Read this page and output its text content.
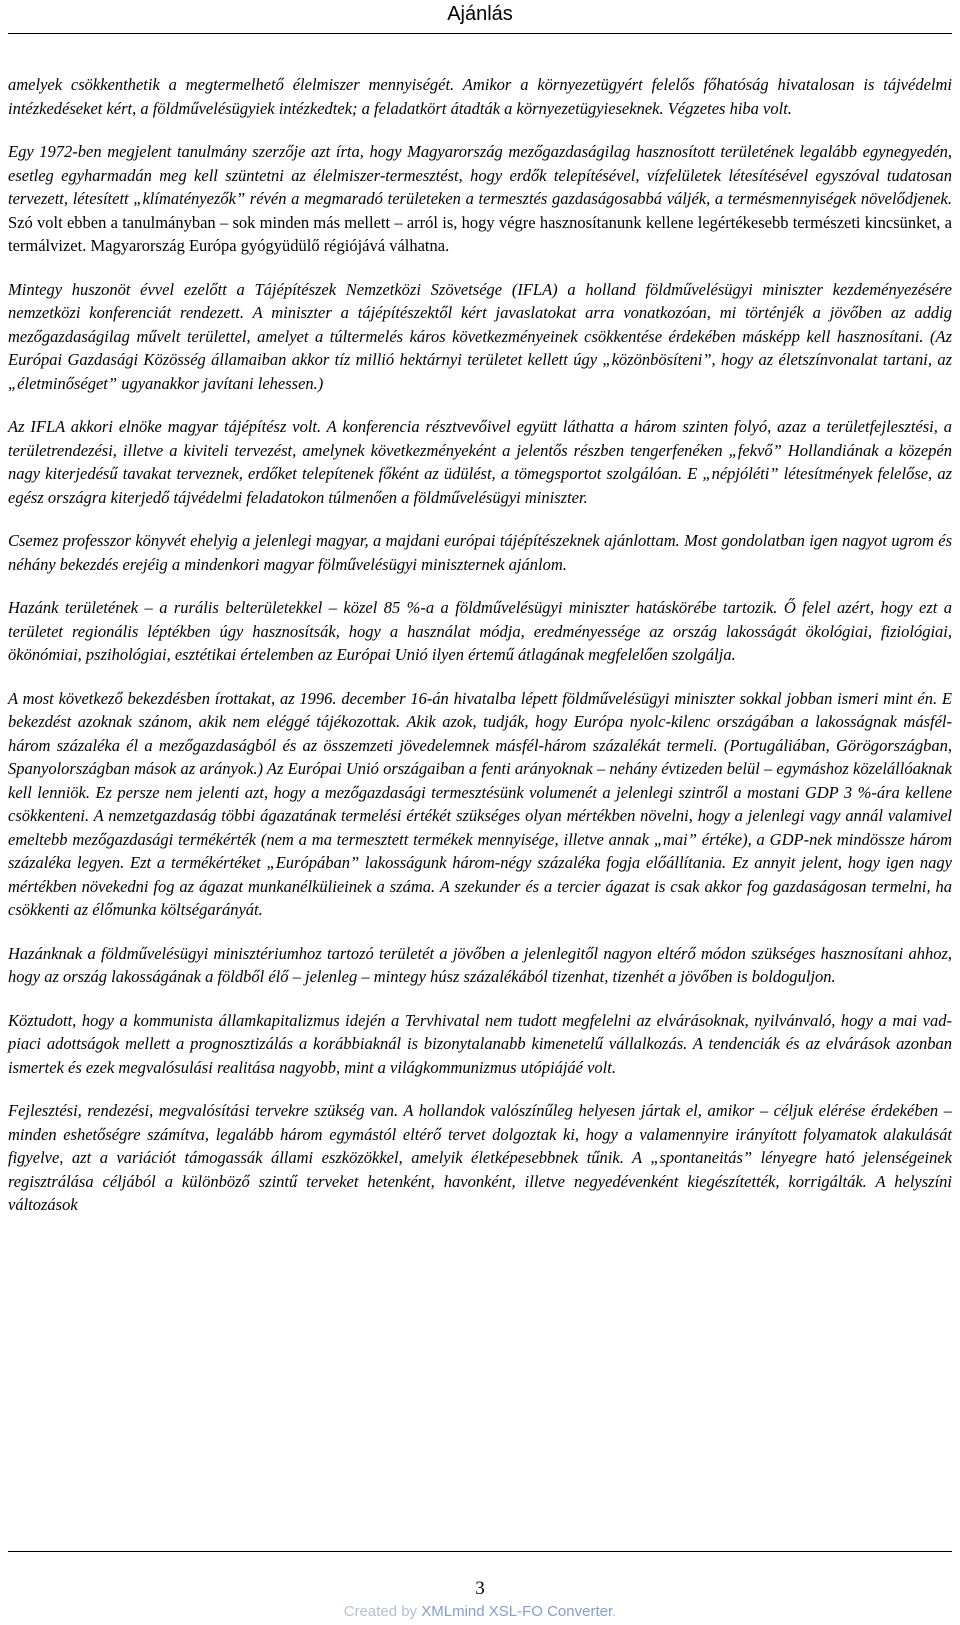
Ajánlás

amelyek csökkenthetik a megtermelhető élelmiszer mennyiségét. Amikor a környezetügyért felelős főhatóság hivatalosan is tájvédelmi intézkedéseket kért, a földművelésügyiek intézkedtek; a feladatkört átadták a környezetügyieseknek. Végzetes hiba volt.

Egy 1972-ben megjelent tanulmány szerzője azt írta, hogy Magyarország mezőgazdaságilag hasznosított területének legalább egynegyedén, esetleg egyharmadán meg kell szüntetni az élelmiszer-termesztést, hogy erdők telepítésével, vízfelületek létesítésével egyszóval tudatosan tervezett, létesített „klímatényezők” révén a megmaradó területeken a termesztés gazdaságosabbá váljék, a termésmennyiségek növelődjenek. Szó volt ebben a tanulmányban – sok minden más mellett – arról is, hogy végre hasznosítanunk kellene legértékesebb természeti kincsünket, a termálvizet. Magyarország Európa gyógyüdülő régiójává válhatna.

Mintegy huszonöt évvel ezelőtt a Tájépítészek Nemzetközi Szövetsége (IFLA) a holland földművelésügyi miniszter kezdeményezésére nemzetközi konferenciát rendezett. A miniszter a tájépítészektől kért javaslatokat arra vonatkozóan, mi történjék a jövőben az addig mezőgazdaságilag művelt területtel, amelyet a túltermelés káros következményeinek csökkentése érdekében másképp kell hasznosítani. (Az Európai Gazdasági Közösség államaiban akkor tíz millió hektárnyi területet kellett úgy „közönbösíteni”, hogy az életszínvonalat tartani, az „életminőséget” ugyanakkor javítani lehessen.)

Az IFLA akkori elnöke magyar tájépítész volt. A konferencia résztvevőivel együtt láthatta a három szinten folyó, azaz a területfejlesztési, a területrendezési, illetve a kiviteli tervezést, amelynek következményeként a jelentős részben tengerfenéken „fekvő” Hollandiának a közepén nagy kiterjedésű tavakat terveznek, erdőket telepítenek főként az üdülést, a tömegsportot szolgálóan. E „népjóléti” létesítmények felelőse, az egész országra kiterjedő tájvédelmi feladatokon túlmenően a földművelésügyi miniszter.

Csemez professzor könyvét ehelyig a jelenlegi magyar, a majdani európai tájépítészeknek ajánlottam. Most gondolatban igen nagyot ugrom és néhány bekezdés erejéig a mindenkori magyar fölművelésügyi miniszternek ajánlom.

Hazánk területének – a rurális belterületekkel – közel 85 %-a a földművelésügyi miniszter hatáskörébe tartozik. Ő felel azért, hogy ezt a területet regionális léptékben úgy hasznosítsák, hogy a használat módja, eredményessége az ország lakosságát ökológiai, fiziológiai, ökönómiai, pszihológiai, esztétikai értelemben az Európai Unió ilyen értemű átlagának megfelelően szolgálja.

A most következő bekezdésben írottakat, az 1996. december 16-án hivatalba lépett földművelésügyi miniszter sokkal jobban ismeri mint én. E bekezdést azoknak szánom, akik nem eléggé tájékozottak. Akik azok, tudják, hogy Európa nyolc-kilenc országában a lakosságnak másfél-három százaléka él a mezőgazdaságból és az összemzeti jövedelemnek másfél-három százalékát termeli. (Portugáliában, Görögországban, Spanyolországban mások az arányok.) Az Európai Unió országaiban a fenti arányoknak – nehány évtizeden belül – egymáshoz közelállóaknak kell lenniök. Ez persze nem jelenti azt, hogy a mezőgazdasági termesztésünk volumenét a jelenlegi szintről a mostani GDP 3 %-ára kellene csökkenteni. A nemzetgazdaság többi ágazatának termelési értékét szükséges olyan mértékben növelni, hogy a jelenlegi vagy annál valamivel emeltebb mezőgazdasági termékérték (nem a ma termesztett termékek mennyisége, illetve annak „mai” értéke), a GDP-nek mindössze három százaléka legyen. Ezt a termékértéket „Európában” lakosságunk három-négy százaléka fogja előállítania. Ez annyit jelent, hogy igen nagy mértékben növekedni fog az ágazat munkanélkülieinek a száma. A szekunder és a tercier ágazat is csak akkor fog gazdaságosan termelni, ha csökkenti az élőmunka költségarányát.

Hazánknak a földművelésügyi minisztériumhoz tartozó területét a jövőben a jelenlegitől nagyon eltérő módon szükséges hasznosítani ahhoz, hogy az ország lakosságának a földből élő – jelenleg – mintegy húsz százalékából tizenhat, tizenhét a jövőben is boldoguljon.

Köztudott, hogy a kommunista államkapitalizmus idején a Tervhivatal nem tudott megfelelni az elvárásoknak, nyilvánvaló, hogy a mai vad-piaci adottságok mellett a prognosztizálás a korábbiaknál is bizonytalanabb kimenetelű vállalkozás. A tendenciák és az elvárások azonban ismertek és ezek megvalósulási realitása nagyobb, mint a világkommunizmus utópiájáé volt.

Fejlesztési, rendezési, megvalósítási tervekre szükség van. A hollandok valószínűleg helyesen jártak el, amikor – céljuk elérése érdekében – minden eshetőségre számítva, legalább három egymástól eltérő tervet dolgoztak ki, hogy a valamennyire irányított folyamatok alakulását figyelve, azt a variációt támogassák állami eszközökkel, amelyik életképesebbnek tűnik. A „spontaneitás” lényegre ható jelenségeinek regisztrálása céljából a különböző szintű terveket hetenként, havonként, illetve negyedévenként kiegészítették, korrigálták. A helyszíni változások

3
Created by XMLmind XSL-FO Converter.
